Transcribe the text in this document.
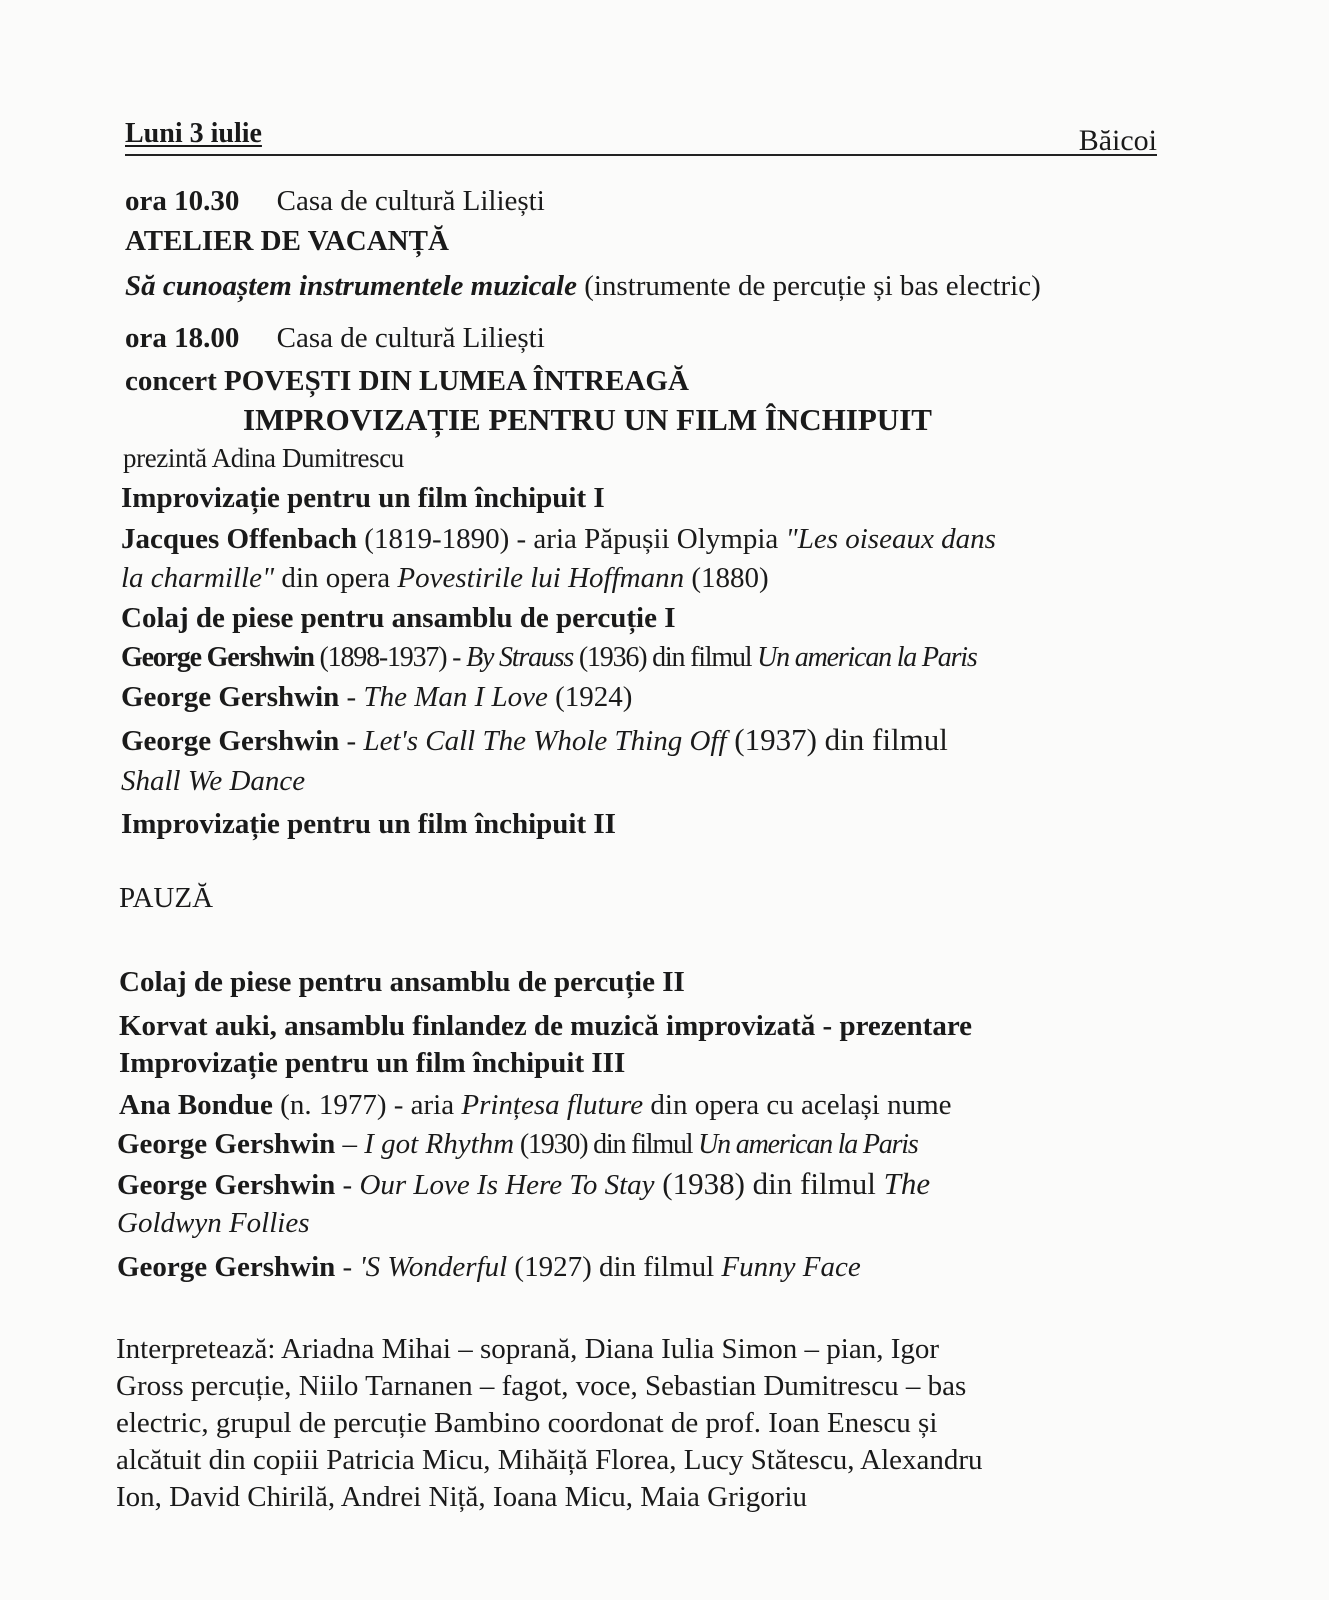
Luni 3 iulie	Băicoi
ora 10.30 Casa de cultură Liliești
ATELIER DE VACANȚĂ
Să cunoaștem instrumentele muzicale (instrumente de percuție și bas electric)
ora 18.00 Casa de cultură Liliești
concert POVEȘTI DIN LUMEA ÎNTREAGĂ
IMPROVIZAȚIE PENTRU UN FILM ÎNCHIPUIT
prezintă Adina Dumitrescu
Improvizație pentru un film închipuit I
Jacques Offenbach (1819-1890) - aria Păpușii Olympia "Les oiseaux dans
la charmille" din opera Povestirile lui Hoffmann (1880)
Colaj de piese pentru ansamblu de percuție I
George Gershwin (1898-1937) - By Strauss (1936) din filmul Un american la Paris
George Gershwin - The Man I Love (1924)
George Gershwin - Let's Call The Whole Thing Off (1937) din filmul
Shall We Dance
Improvizație pentru un film închipuit II
PAUZĂ
Colaj de piese pentru ansamblu de percuție II
Korvat auki, ansamblu finlandez de muzică improvizată - prezentare
Improvizație pentru un film închipuit III
Ana Bondue (n. 1977) - aria Prințesa fluture din opera cu același nume
George Gershwin – I got Rhythm (1930) din filmul Un american la Paris
George Gershwin - Our Love Is Here To Stay (1938) din filmul The
Goldwyn Follies
George Gershwin - 'S Wonderful (1927) din filmul Funny Face
Interpretează: Ariadna Mihai – soprană, Diana Iulia Simon – pian, Igor
Gross percuție, Niilo Tarnanen – fagot, voce, Sebastian Dumitrescu – bas
electric, grupul de percuție Bambino coordonat de prof. Ioan Enescu și
alcătuit din copiii Patricia Micu, Mihăiță Florea, Lucy Stătescu, Alexandru
Ion, David Chirilă, Andrei Niță, Ioana Micu, Maia Grigoriu
